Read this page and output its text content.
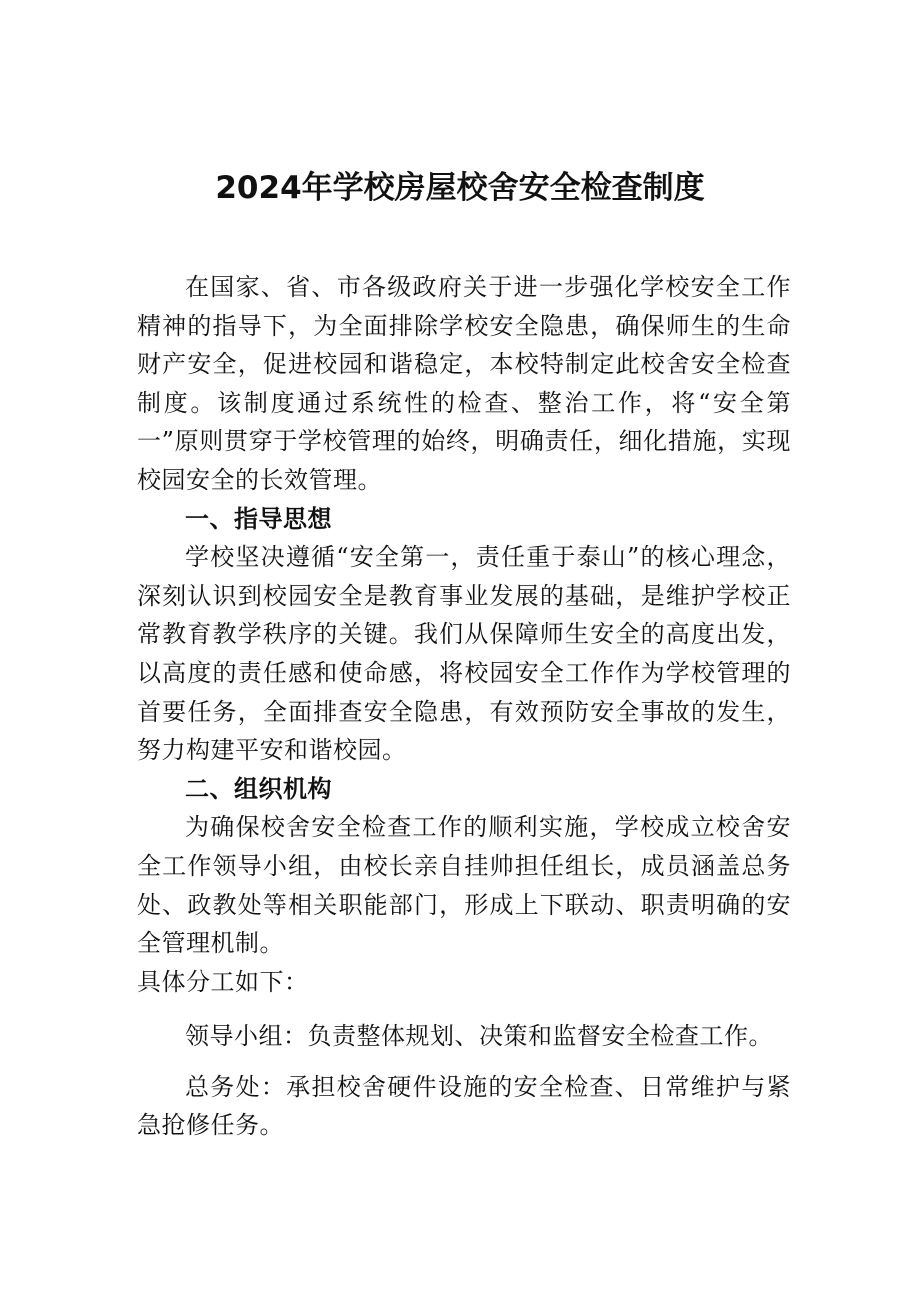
2024年学校房屋校舍安全检查制度

在国家、省、市各级政府关于进一步强化学校安全工作精神的指导下，为全面排除学校安全隐患，确保师生的生命财产安全，促进校园和谐稳定，本校特制定此校舍安全检查制度。该制度通过系统性的检查、整治工作，将“安全第一”原则贯穿于学校管理的始终，明确责任，细化措施，实现校园安全的长效管理。

一、指导思想

学校坚决遵循“安全第一，责任重于泰山”的核心理念，深刻认识到校园安全是教育事业发展的基础，是维护学校正常教育教学秩序的关键。我们从保障师生安全的高度出发，以高度的责任感和使命感，将校园安全工作作为学校管理的首要任务，全面排查安全隐患，有效预防安全事故的发生，努力构建平安和谐校园。

二、组织机构

为确保校舍安全检查工作的顺利实施，学校成立校舍安全工作领导小组，由校长亲自挂帅担任组长，成员涵盖总务处、政教处等相关职能部门，形成上下联动、职责明确的安全管理机制。

具体分工如下：

领导小组：负责整体规划、决策和监督安全检查工作。

总务处：承担校舍硬件设施的安全检查、日常维护与紧急抢修任务。
